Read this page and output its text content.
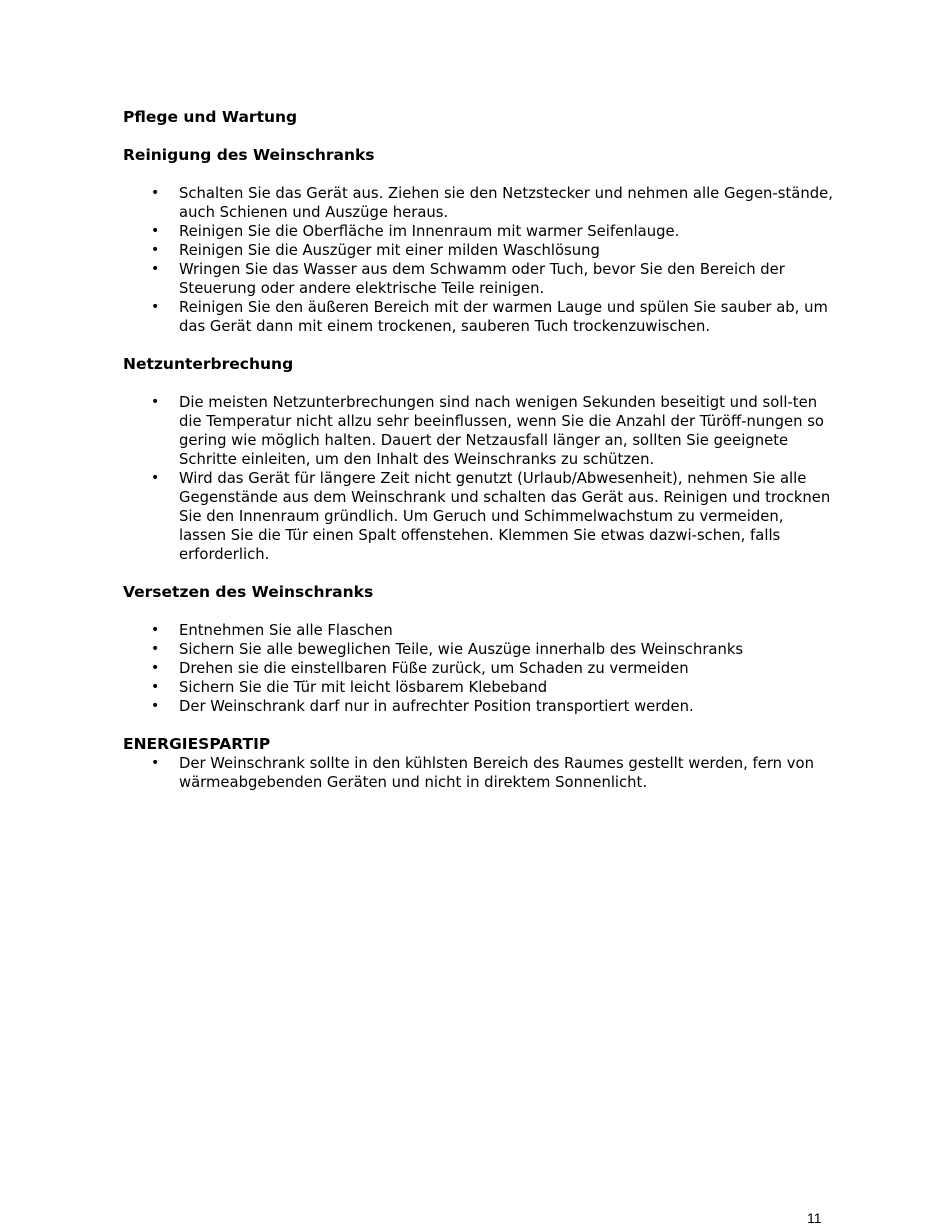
Pflege und Wartung
Reinigung des Weinschranks
• Schalten Sie das Gerät aus. Ziehen sie den Netzstecker und nehmen alle Gegen-stände, auch Schienen und Auszüge heraus.
• Reinigen Sie die Oberfläche im Innenraum mit warmer Seifenlauge.
• Reinigen Sie die Auszüger mit einer milden Waschlösung
• Wringen Sie das Wasser aus dem Schwamm oder Tuch, bevor Sie den Bereich der Steuerung oder andere elektrische Teile reinigen.
• Reinigen Sie den äußeren Bereich mit der warmen Lauge und spülen Sie sauber ab, um das Gerät dann mit einem trockenen, sauberen Tuch trockenzuwischen.
Netzunterbrechung
• Die meisten Netzunterbrechungen sind nach wenigen Sekunden beseitigt und soll-ten die Temperatur nicht allzu sehr beeinflussen, wenn Sie die Anzahl der Türöff-nungen so gering wie möglich halten. Dauert der Netzausfall länger an, sollten Sie geeignete Schritte einleiten, um den Inhalt des Weinschranks zu schützen.
• Wird das Gerät für längere Zeit nicht genutzt (Urlaub/Abwesenheit), nehmen Sie alle Gegenstände aus dem Weinschrank und schalten das Gerät aus. Reinigen und trocknen Sie den Innenraum gründlich. Um Geruch und Schimmelwachstum zu vermeiden, lassen Sie die Tür einen Spalt offenstehen. Klemmen Sie etwas dazwi-schen, falls erforderlich.
Versetzen des Weinschranks
• Entnehmen Sie alle Flaschen
• Sichern Sie alle beweglichen Teile, wie Auszüge innerhalb des Weinschranks
• Drehen sie die einstellbaren Füße zurück, um Schaden zu vermeiden
• Sichern Sie die Tür mit leicht lösbarem Klebeband
• Der Weinschrank darf nur in aufrechter Position transportiert werden.
ENERGIESPARTIP
• Der Weinschrank sollte in den kühlsten Bereich des Raumes gestellt werden, fern von wärmeabgebenden Geräten und nicht in direktem Sonnenlicht.
11
